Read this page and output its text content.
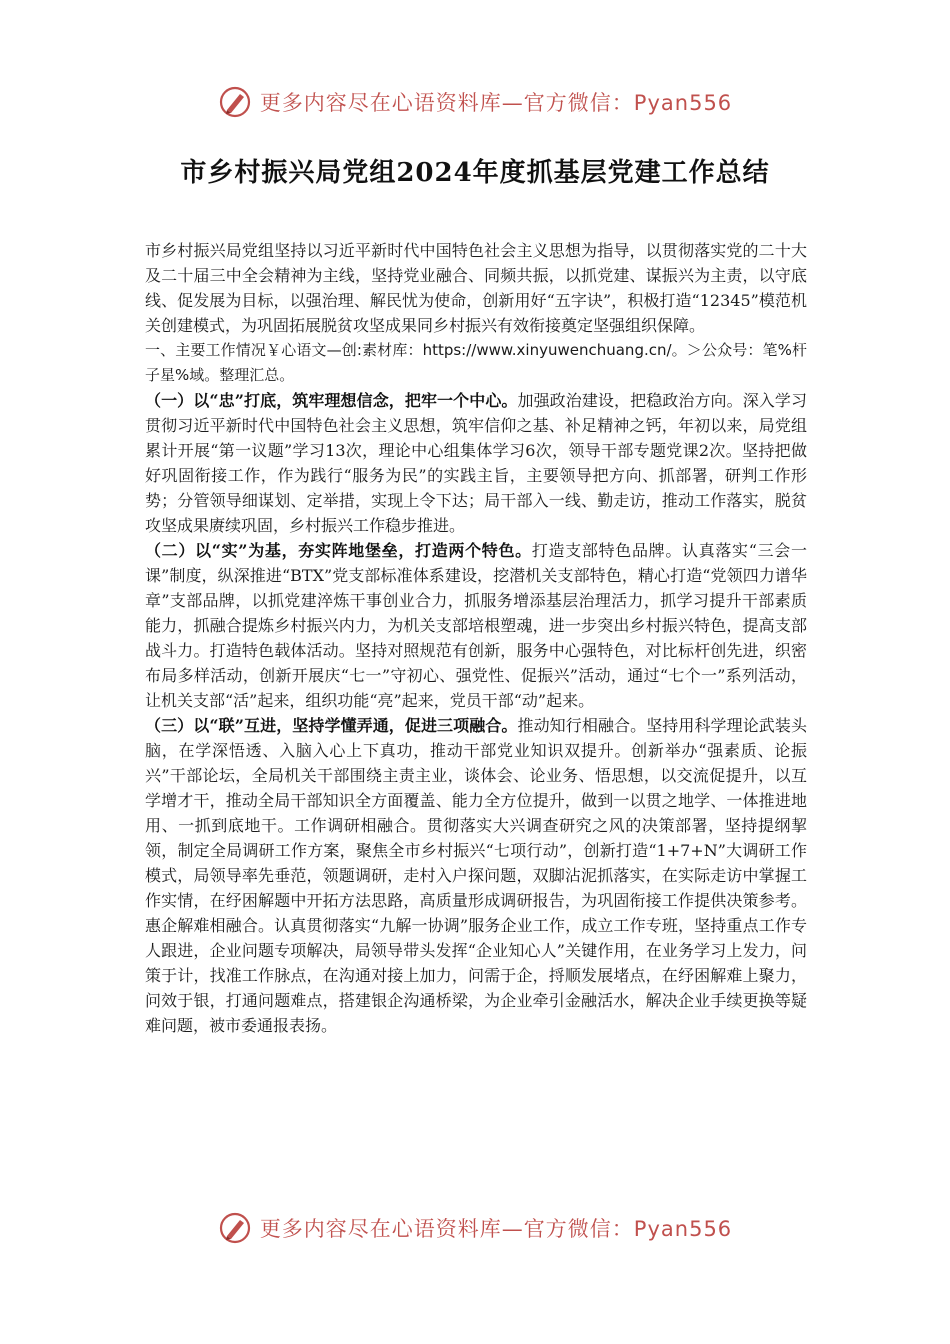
更多内容尽在心语资料库—官方微信：Pyan556
市乡村振兴局党组2024年度抓基层党建工作总结

市乡村振兴局党组坚持以习近平新时代中国特色社会主义思想为指导，以贯彻落实党的二十大及二十届三中全会精神为主线，坚持党业融合、同频共振，以抓党建、谋振兴为主责，以守底线、促发展为目标，以强治理、解民忧为使命，创新用好“五字诀”，积极打造“12345”模范机关创建模式，为巩固拓展脱贫攻坚成果同乡村振兴有效衔接奠定坚强组织保障。

一、主要工作情况￥心语文—创:素材库：https://www.xinyuwenchuang.cn/。＞公众号：笔%杆子星%域。整理汇总。

（一）以“忠”打底，筑牢理想信念，把牢一个中心。加强政治建设，把稳政治方向。深入学习贯彻习近平新时代中国特色社会主义思想，筑牢信仰之基、补足精神之钙，年初以来，局党组累计开展“第一议题”学习13次，理论中心组集体学习6次，领导干部专题党课2次。坚持把做好巩固衔接工作，作为践行“服务为民”的实践主旨，主要领导把方向、抓部署，研判工作形势；分管领导细谋划、定举措，实现上令下达；局干部入一线、勤走访，推动工作落实，脱贫攻坚成果赓续巩固，乡村振兴工作稳步推进。

（二）以“实”为基，夯实阵地堡垒，打造两个特色。打造支部特色品牌。认真落实“三会一课”制度，纵深推进“BTX”党支部标准体系建设，挖潜机关支部特色，精心打造“党领四力谱华章”支部品牌，以抓党建淬炼干事创业合力，抓服务增添基层治理活力，抓学习提升干部素质能力，抓融合提炼乡村振兴内力，为机关支部培根塑魂，进一步突出乡村振兴特色，提高支部战斗力。打造特色载体活动。坚持对照规范有创新，服务中心强特色，对比标杆创先进，织密布局多样活动，创新开展庆“七一”守初心、强党性、促振兴”活动，通过“七个一”系列活动，让机关支部“活”起来，组织功能“亮”起来，党员干部“动”起来。

（三）以“联”互进，坚持学懂弄通，促进三项融合。推动知行相融合。坚持用科学理论武装头脑，在学深悟透、入脑入心上下真功，推动干部党业知识双提升。创新举办“强素质、论振兴”干部论坛，全局机关干部围绕主责主业，谈体会、论业务、悟思想，以交流促提升，以互学增才干，推动全局干部知识全方面覆盖、能力全方位提升，做到一以贯之地学、一体推进地用、一抓到底地干。工作调研相融合。贯彻落实大兴调查研究之风的决策部署，坚持提纲挈领，制定全局调研工作方案，聚焦全市乡村振兴“七项行动”，创新打造“1+7+N”大调研工作模式，局领导率先垂范，领题调研，走村入户探问题，双脚沾泥抓落实，在实际走访中掌握工作实情，在纾困解题中开拓方法思路，高质量形成调研报告，为巩固衔接工作提供决策参考。惠企解难相融合。认真贯彻落实“九解一协调”服务企业工作，成立工作专班，坚持重点工作专人跟进，企业问题专项解决，局领导带头发挥“企业知心人”关键作用，在业务学习上发力，问策于计，找准工作脉点，在沟通对接上加力，问需于企，捋顺发展堵点，在纾困解难上聚力，问效于银，打通问题难点，搭建银企沟通桥梁，为企业牵引金融活水，解决企业手续更换等疑难问题，被市委通报表扬。

更多内容尽在心语资料库—官方微信：Pyan556
